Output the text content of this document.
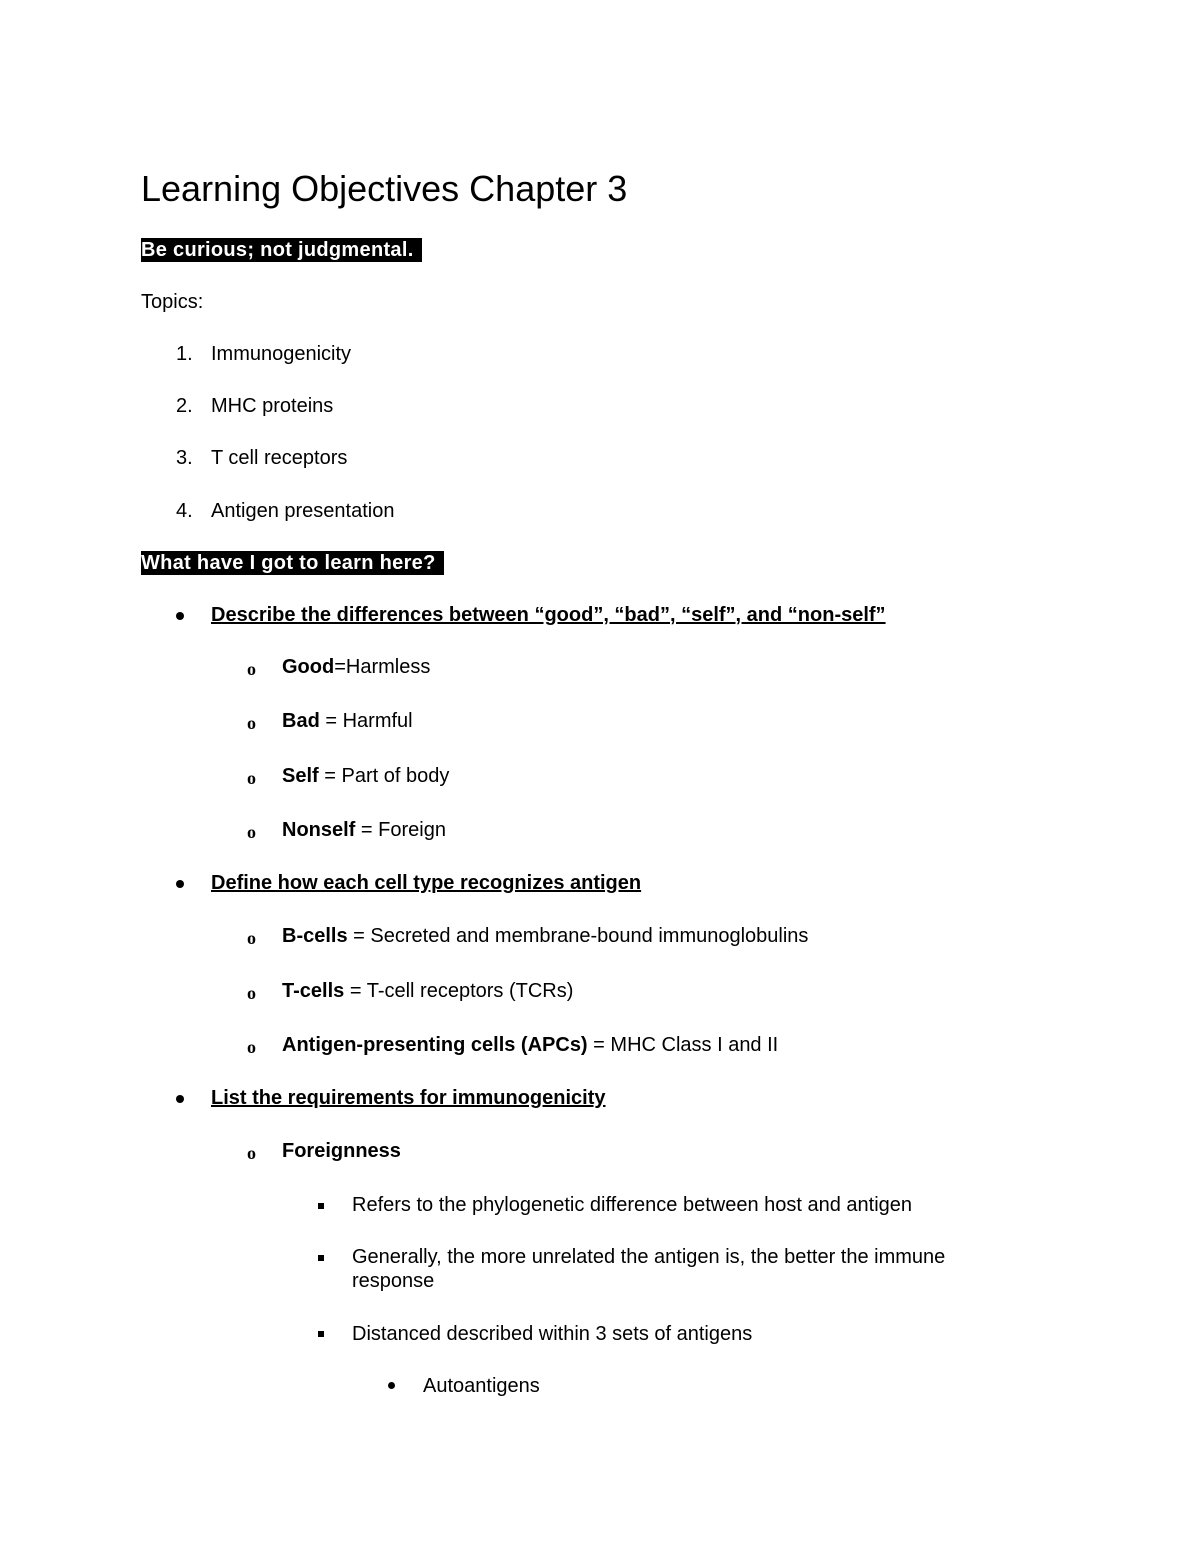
Learning Objectives Chapter 3
Be curious; not judgmental.
Topics:
1. Immunogenicity
2. MHC proteins
3. T cell receptors
4. Antigen presentation
What have I got to learn here?
Describe the differences between “good”, “bad”, “self”, and “non-self”
o Good=Harmless
o Bad = Harmful
o Self = Part of body
o Nonself = Foreign
Define how each cell type recognizes antigen
o B-cells = Secreted and membrane-bound immunoglobulins
o T-cells = T-cell receptors (TCRs)
o Antigen-presenting cells (APCs) = MHC Class I and II
List the requirements for immunogenicity
o Foreignness
Refers to the phylogenetic difference between host and antigen
Generally, the more unrelated the antigen is, the better the immune response
Distanced described within 3 sets of antigens
Autoantigens
